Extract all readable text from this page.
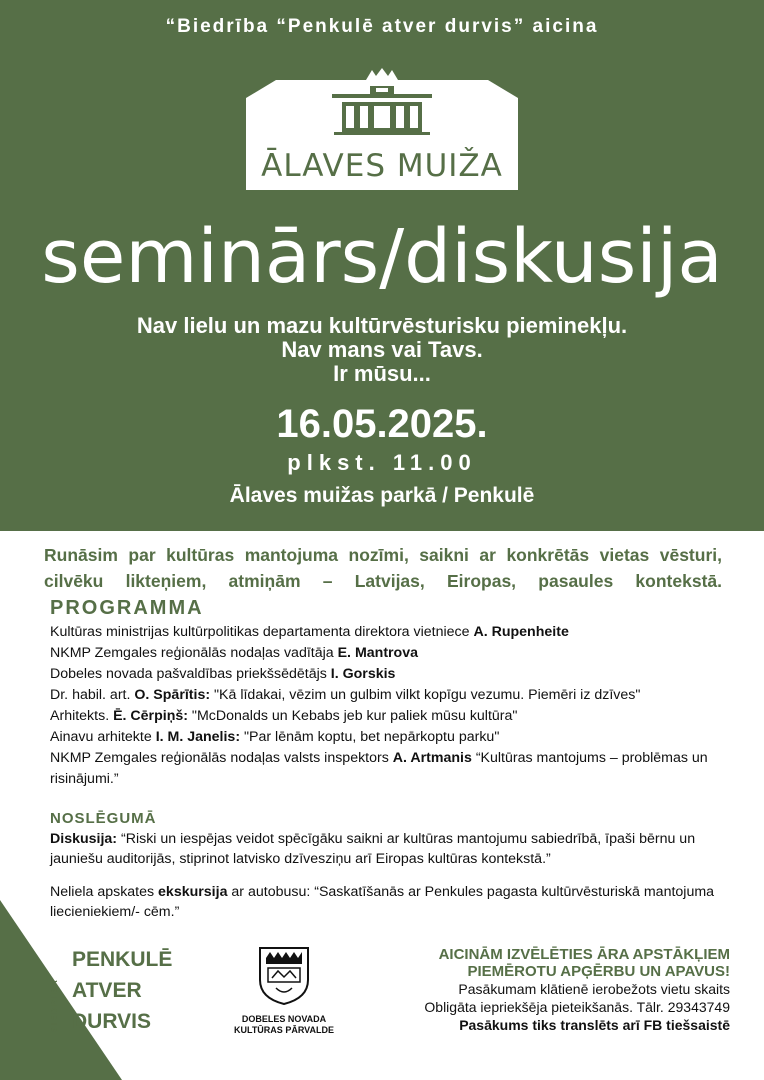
“Biedrība “Penkulē atver durvis” aicina
ĀLAVES MUIŽA
seminārs/diskusija
Nav lielu un mazu kultūrvēsturisku pieminekļu.
Nav mans vai Tavs.
Ir mūsu...
16.05.2025.
plkst. 11.00
Ālaves muižas parkā / Penkulē
Runāsim par kultūras mantojuma nozīmi, saikni ar konkrētās vietas vēsturi,
cilvēku likteņiem, atmiņām – Latvijas, Eiropas, pasaules kontekstā.
PROGRAMMA
Kultūras ministrijas kultūrpolitikas departamenta direktora vietniece A. Rupenheite
NKMP Zemgales reģionālās nodaļas vadītāja E. Mantrova
Dobeles novada pašvaldības priekšsēdētājs I. Gorskis
Dr. habil. art. O. Spārītis: "Kā līdakai, vēzim un gulbim vilkt kopīgu vezumu. Piemēri iz dzīves"
Arhitekts. Ē. Cērpiņš: "McDonalds un Kebabs jeb kur paliek mūsu kultūra"
Ainavu arhitekte I. M. Janelis: "Par lēnām koptu, bet nepārkoptu parku"
NKMP Zemgales reģionālās nodaļas valsts inspektors A. Artmanis “Kultūras mantojums – problēmas un risinājumi.”
NOSLĒGUMĀ
Diskusija: “Riski un iespējas veidot spēcīgāku saikni ar kultūras mantojumu sabiedrībā, īpaši bērnu un jauniešu auditorijās, stiprinot latvisko dzīvesziņu arī Eiropas kultūras kontekstā.”
Neliela apskates ekskursija ar autobusu: “Saskatīšanās ar Penkules pagasta kultūrvēsturiskā mantojuma liecieniekiem/- cēm.”
BIEDRĪBA
PENKULĒ
ATVER
DURVIS	DOBELES NOVADA
KULTŪRAS PĀRVALDE
AICINĀM IZVĒLĒTIES ĀRA APSTĀKĻIEM
PIEMĒROTU APĢĒRBU UN APAVUS!
Pasākumam klātienē ierobežots vietu skaits
Obligāta iepriekšēja pieteikšanās. Tālr. 29343749
Pasākums tiks translēts arī FB tiešsaistē
